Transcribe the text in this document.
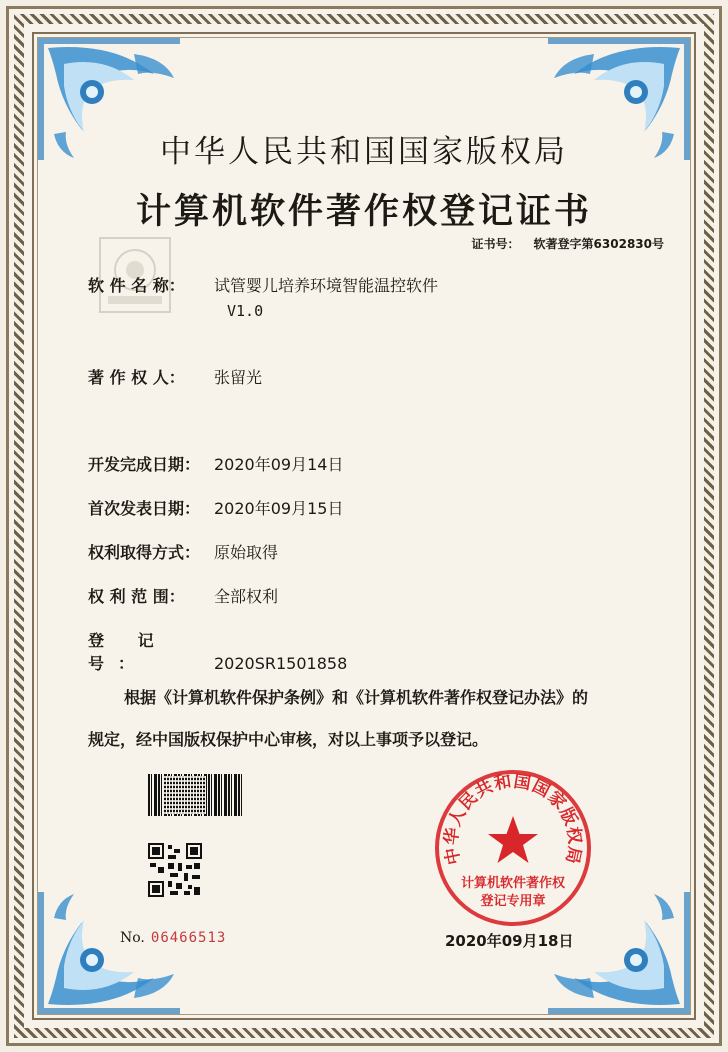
中华人民共和国国家版权局
计算机软件著作权登记证书
证书号： 软著登字第6302830号
软 件 名 称： 试管婴儿培养环境智能温控软件
V1.0
著 作 权 人： 张留光
开发完成日期： 2020年09月14日
首次发表日期： 2020年09月15日
权利取得方式： 原始取得
权 利 范 围： 全部权利
登 记 号：	2020SR1501858
根据《计算机软件保护条例》和《计算机软件著作权登记办法》的
规定，经中国版权保护中心审核，对以上事项予以登记。
No. 06466513
中华人民共和国国家版权局
计算机软件著作权
登记专用章
2020年09月18日
